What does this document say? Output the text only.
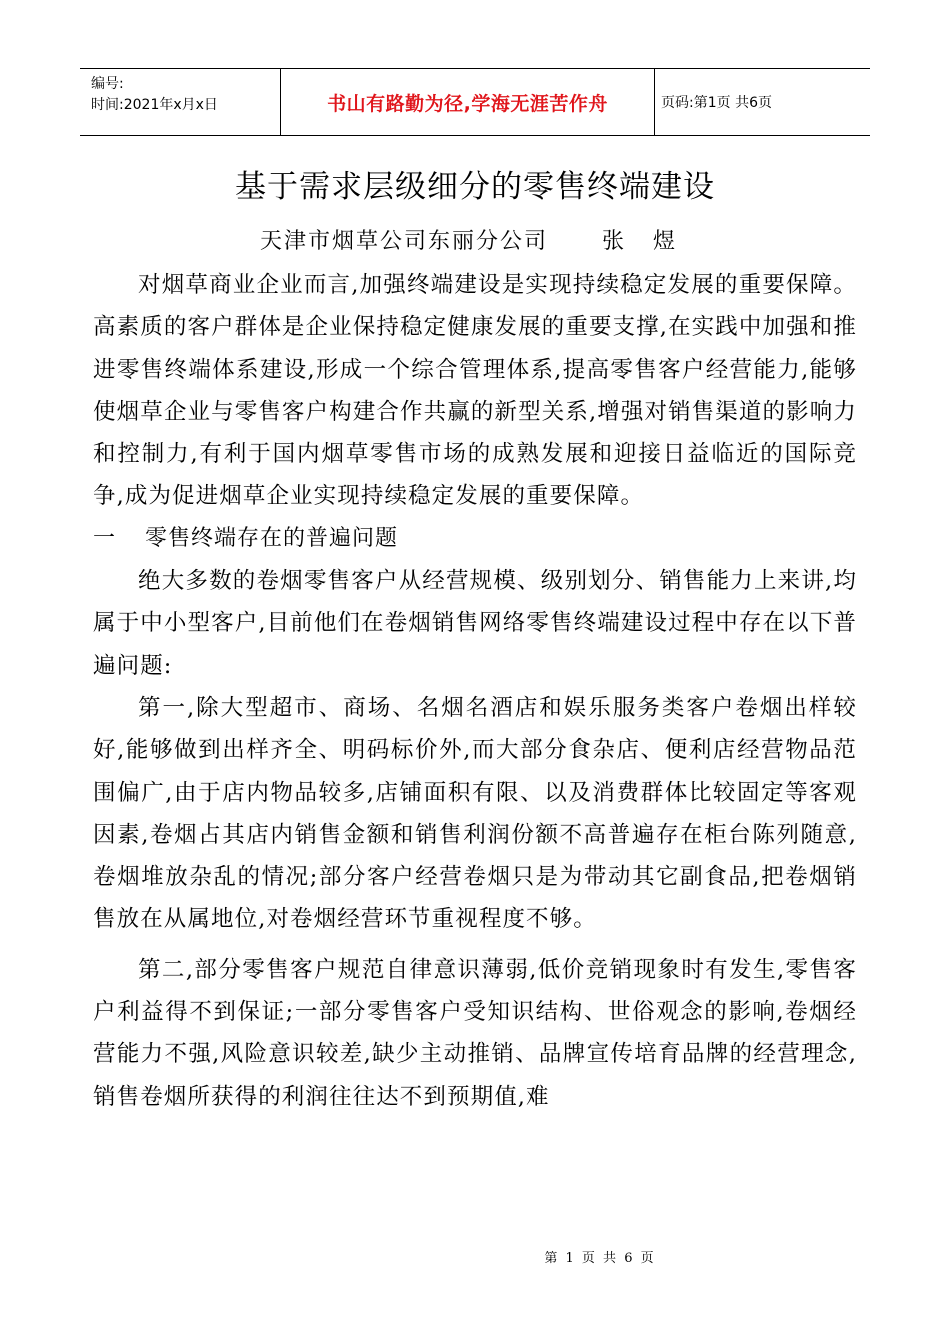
编号:
时间:2021年x月x日	书山有路勤为径,学海无涯苦作舟	页码:第1页 共6页
基于需求层级细分的零售终端建设
天津市烟草公司东丽分公司      张   煜

对烟草商业企业而言,加强终端建设是实现持续稳定发展的重要保障。高素质的客户群体是企业保持稳定健康发展的重要支撑,在实践中加强和推进零售终端体系建设,形成一个综合管理体系,提高零售客户经营能力,能够使烟草企业与零售客户构建合作共赢的新型关系,增强对销售渠道的影响力和控制力,有利于国内烟草零售市场的成熟发展和迎接日益临近的国际竞争,成为促进烟草企业实现持续稳定发展的重要保障。

一	零售终端存在的普遍问题

绝大多数的卷烟零售客户从经营规模、级别划分、销售能力上来讲,均属于中小型客户,目前他们在卷烟销售网络零售终端建设过程中存在以下普遍问题:

第一,除大型超市、商场、名烟名酒店和娱乐服务类客户卷烟出样较好,能够做到出样齐全、明码标价外,而大部分食杂店、便利店经营物品范围偏广,由于店内物品较多,店铺面积有限、以及消费群体比较固定等客观因素,卷烟占其店内销售金额和销售利润份额不高普遍存在柜台陈列随意,卷烟堆放杂乱的情况;部分客户经营卷烟只是为带动其它副食品,把卷烟销售放在从属地位,对卷烟经营环节重视程度不够。

第二,部分零售客户规范自律意识薄弱,低价竞销现象时有发生,零售客户利益得不到保证;一部分零售客户受知识结构、世俗观念的影响,卷烟经营能力不强,风险意识较差,缺少主动推销、品牌宣传培育品牌的经营理念,销售卷烟所获得的利润往往达不到预期值,难

第 1 页 共 6 页
